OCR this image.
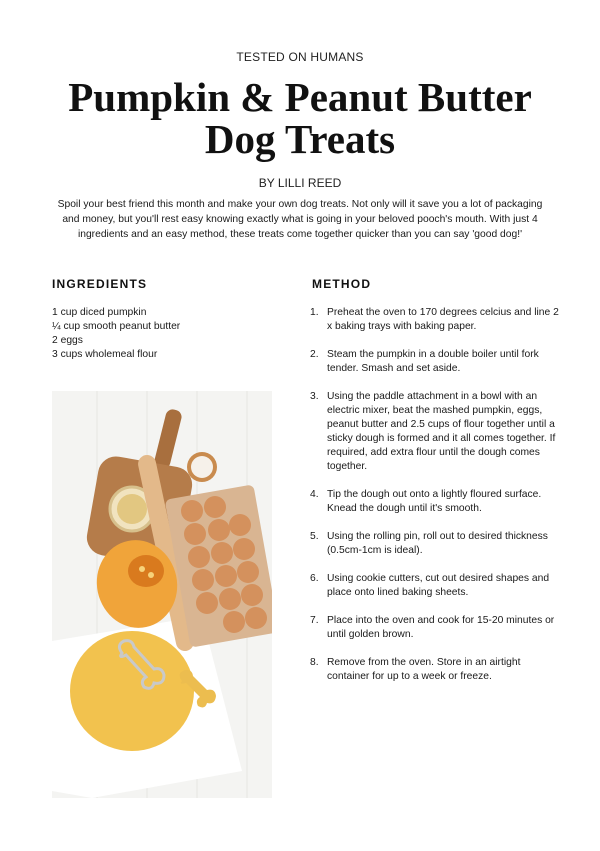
TESTED ON HUMANS
Pumpkin & Peanut Butter
Dog Treats
BY LILLI REED

Spoil your best friend this month and make your own dog treats. Not only will it save you a lot of packaging and money, but you'll rest easy knowing exactly what is going in your beloved pooch's mouth. With just 4 ingredients and an easy method, these treats come together quicker than you can say 'good dog!'

INGREDIENTS
1 cup diced pumpkin
¼ cup smooth peanut butter
2 eggs
3 cups wholemeal flour
METHOD
1. Preheat the oven to 170 degrees celcius and line 2 x baking trays with baking paper.
2. Steam the pumpkin in a double boiler until fork tender. Smash and set aside.
3. Using the paddle attachment in a bowl with an electric mixer, beat the mashed pumpkin, eggs, peanut butter and 2.5 cups of flour together until a sticky dough is formed and it all comes together. If required, add extra flour until the dough comes together.
4. Tip the dough out onto a lightly floured surface. Knead the dough until it's smooth.
5. Using the rolling pin, roll out to desired thickness (0.5cm-1cm is ideal).
6. Using cookie cutters, cut out desired shapes and place onto lined baking sheets.
7. Place into the oven and cook for 15-20 minutes or until golden brown.
8. Remove from the oven. Store in an airtight container for up to a week or freeze.
